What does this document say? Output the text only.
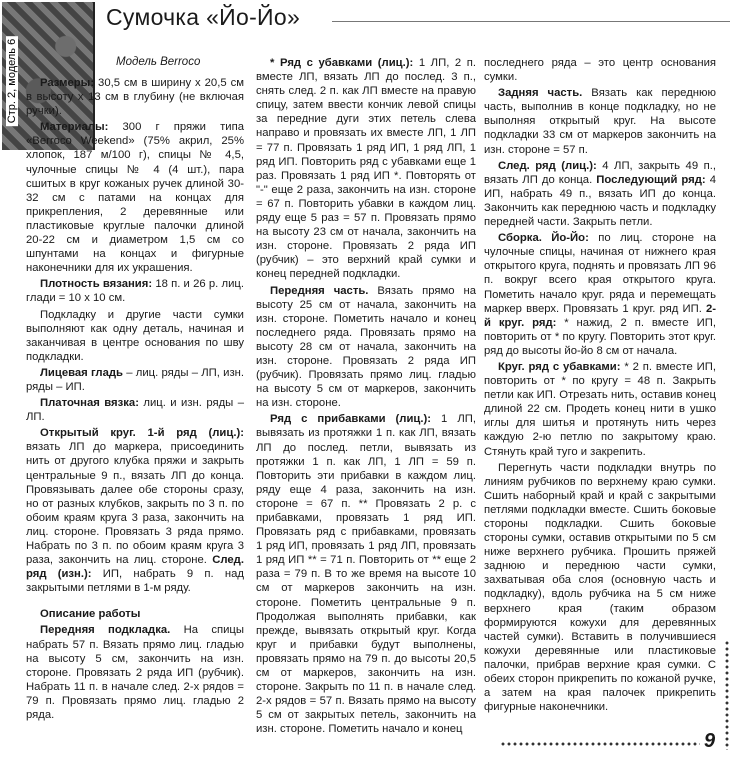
Стр. 2, модель 6
Сумочка «Йо-Йо»
Модель Berroco

Размеры: 30,5 см в ширину х 20,5 см в высоту х 13 см в глубину (не включая ручки).

Материалы: 300 г пряжи типа «Berroco Weekend» (75% акрил, 25% хлопок, 187 м/100 г), спицы № 4,5, чулочные спицы № 4 (4 шт.), пара сшитых в круг кожаных ручек длиной 30-32 см с патами на концах для прикрепления, 2 деревянные или пластиковые круглые палочки длиной 20-22 см и диаметром 1,5 см со шпунтами на концах и фигурные наконечники для их украшения.

Плотность вязания: 18 п. и 26 р. лиц. глади = 10 х 10 см.

Подкладку и другие части сумки выполняют как одну деталь, начиная и заканчивая в центре основания по шву подкладки.

Лицевая гладь – лиц. ряды – ЛП, изн. ряды – ИП.

Платочная вязка: лиц. и изн. ряды – ЛП.

Открытый круг. 1-й ряд (лиц.): вязать ЛП до маркера, присоединить нить от другого клубка пряжи и закрыть центральные 9 п., вязать ЛП до конца. Провязывать далее обе стороны сразу, но от разных клубков, закрыть по 3 п. по обоим краям круга 3 раза, закончить на лиц. стороне. Провязать 3 ряда прямо. Набрать по 3 п. по обоим краям круга 3 раза, закончить на лиц. стороне. След. ряд (изн.): ИП, набрать 9 п. над закрытыми петлями в 1-м ряду.

Описание работы

Передняя подкладка. На спицы набрать 57 п. Вязать прямо лиц. гладью на высоту 5 см, закончить на изн. стороне. Провязать 2 ряда ИП (рубчик). Набрать 11 п. в начале след. 2-х рядов = 79 п. Провязать прямо лиц. гладью 2 ряда.

* Ряд с убавками (лиц.): 1 ЛП, 2 п. вместе ЛП, вязать ЛП до послед. 3 п., снять след. 2 п. как ЛП вместе на правую спицу, затем ввести кончик левой спицы за передние дуги этих петель слева направо и провязать их вместе ЛП, 1 ЛП = 77 п. Провязать 1 ряд ИП, 1 ряд ЛП, 1 ряд ИП. Повторить ряд с убавками еще 1 раз. Провязать 1 ряд ИП *. Повторять от "-" еще 2 раза, закончить на изн. стороне = 67 п. Повторить убавки в каждом лиц. ряду еще 5 раз = 57 п. Провязать прямо на высоту 23 см от начала, закончить на изн. стороне. Провязать 2 ряда ИП (рубчик) – это верхний край сумки и конец передней подкладки.

Передняя часть. Вязать прямо на высоту 25 см от начала, закончить на изн. стороне. Пометить начало и конец последнего ряда. Провязать прямо на высоту 28 см от начала, закончить на изн. стороне. Провязать 2 ряда ИП (рубчик). Провязать прямо лиц. гладью на высоту 5 см от маркеров, закончить на изн. стороне.

Ряд с прибавками (лиц.): 1 ЛП, вывязать из протяжки 1 п. как ЛП, вязать ЛП до послед. петли, вывязать из протяжки 1 п. как ЛП, 1 ЛП = 59 п. Повторить эти прибавки в каждом лиц. ряду еще 4 раза, закончить на изн. стороне = 67 п. ** Провязать 2 р. с прибавками, провязать 1 ряд ИП. Провязать ряд с прибавками, провязать 1 ряд ИП, провязать 1 ряд ЛП, провязать 1 ряд ИП ** = 71 п. Повторить от ** еще 2 раза = 79 п. В то же время на высоте 10 см от маркеров закончить на изн. стороне. Пометить центральные 9 п. Продолжая выполнять прибавки, как прежде, вывязать открытый круг. Когда круг и прибавки будут выполнены, провязать прямо на 79 п. до высоты 20,5 см от маркеров, закончить на изн. стороне. Закрыть по 11 п. в начале след. 2-х рядов = 57 п. Вязать прямо на высоту 5 см от закрытых петель, закончить на изн. стороне. Пометить начало и конец

последнего ряда – это центр основания сумки.

Задняя часть. Вязать как переднюю часть, выполнив в конце подкладку, но не выполняя открытый круг. На высоте подкладки 33 см от маркеров закончить на изн. стороне = 57 п.

След. ряд (лиц.): 4 ЛП, закрыть 49 п., вязать ЛП до конца. Последующий ряд: 4 ИП, набрать 49 п., вязать ИП до конца. Закончить как переднюю часть и подкладку передней части. Закрыть петли.

Сборка. Йо-Йо: по лиц. стороне на чулочные спицы, начиная от нижнего края открытого круга, поднять и провязать ЛП 96 п. вокруг всего края открытого круга. Пометить начало круг. ряда и перемещать маркер вверх. Провязать 1 круг. ряд ИП. 2-й круг. ряд: * нажид, 2 п. вместе ИП, повторить от * по кругу. Повторить этот круг. ряд до высоты йо-йо 8 см от начала.

Круг. ряд с убавками: * 2 п. вместе ИП, повторить от * по кругу = 48 п. Закрыть петли как ИП. Отрезать нить, оставив конец длиной 22 см. Продеть конец нити в ушко иглы для шитья и протянуть нить через каждую 2-ю петлю по закрытому краю. Стянуть край туго и закрепить.

Перегнуть части подкладки внутрь по линиям рубчиков по верхнему краю сумки. Сшить наборный край и край с закрытыми петлями подкладки вместе. Сшить боковые стороны подкладки. Сшить боковые стороны сумки, оставив открытыми по 5 см ниже верхнего рубчика. Прошить пряжей заднюю и переднюю части сумки, захватывая оба слоя (основную часть и подкладку), вдоль рубчика на 5 см ниже верхнего края (таким образом формируются кожухи для деревянных частей сумки). Вставить в получившиеся кожухи деревянные или пластиковые палочки, прибрав верхние края сумки. С обеих сторон прикрепить по кожаной ручке, а затем на края палочек прикрепить фигурные наконечники.

9
